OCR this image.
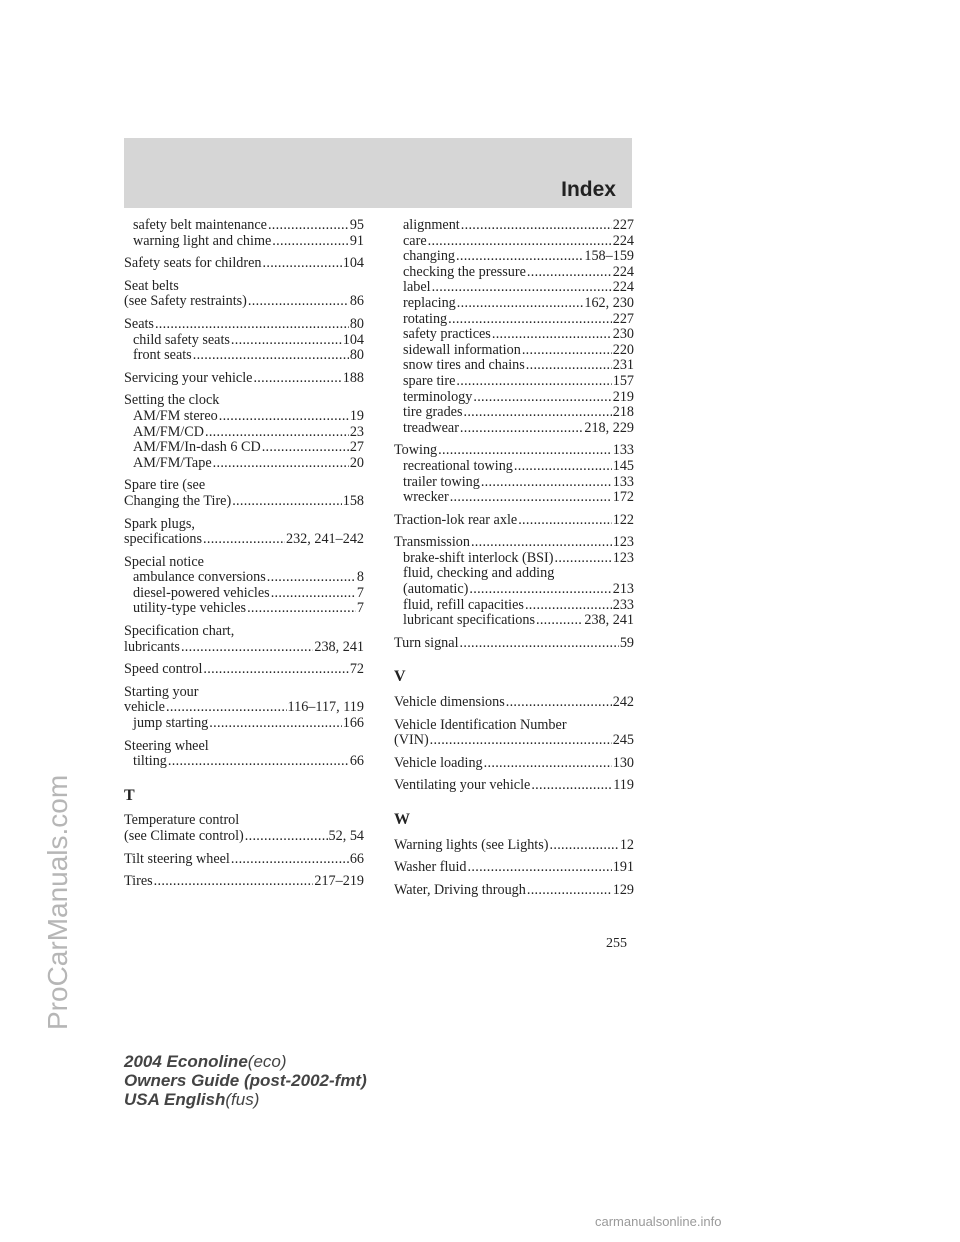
Index
safety belt maintenance .....	95
warning light and chime .....	91
Safety seats for children .....	104
Seat belts
(see Safety restraints) .....	86
Seats .....	80
child safety seats .....	104
front seats .....	80
Servicing your vehicle .....	188
Setting the clock
AM/FM stereo .....	19
AM/FM/CD .....	23
AM/FM/In-dash 6 CD .....	27
AM/FM/Tape .....	20
Spare tire (see
Changing the Tire) .....	158
Spark plugs,
specifications .....	232, 241–242
Special notice
ambulance conversions .....	8
diesel-powered vehicles .....	7
utility-type vehicles .....	7
Specification chart,
lubricants .....	238, 241
Speed control .....	72
Starting your
vehicle .....	116–117, 119
jump starting .....	166
Steering wheel
tilting .....	66
T
Temperature control
(see Climate control) .....	52, 54
Tilt steering wheel .....	66
Tires .....	217–219
alignment .....	227
care .....	224
changing .....	158–159
checking the pressure .....	224
label .....	224
replacing .....	162, 230
rotating .....	227
safety practices .....	230
sidewall information .....	220
snow tires and chains .....	231
spare tire .....	157
terminology .....	219
tire grades .....	218
treadwear .....	218, 229
Towing .....	133
recreational towing .....	145
trailer towing .....	133
wrecker .....	172
Traction-lok rear axle .....	122
Transmission .....	123
brake-shift interlock (BSI) .....	123
fluid, checking and adding
(automatic) .....	213
fluid, refill capacities .....	233
lubricant specifications .....	238, 241
Turn signal .....	59
V
Vehicle dimensions .....	242
Vehicle Identification Number
(VIN) .....	245
Vehicle loading .....	130
Ventilating your vehicle .....	119
W
Warning lights (see Lights) .....	12
Washer fluid .....	191
Water, Driving through .....	129
255
2004 Econoline(eco)
Owners Guide (post-2002-fmt)
USA English(fus)
ProCarManuals.com
carmanualsonline.info
